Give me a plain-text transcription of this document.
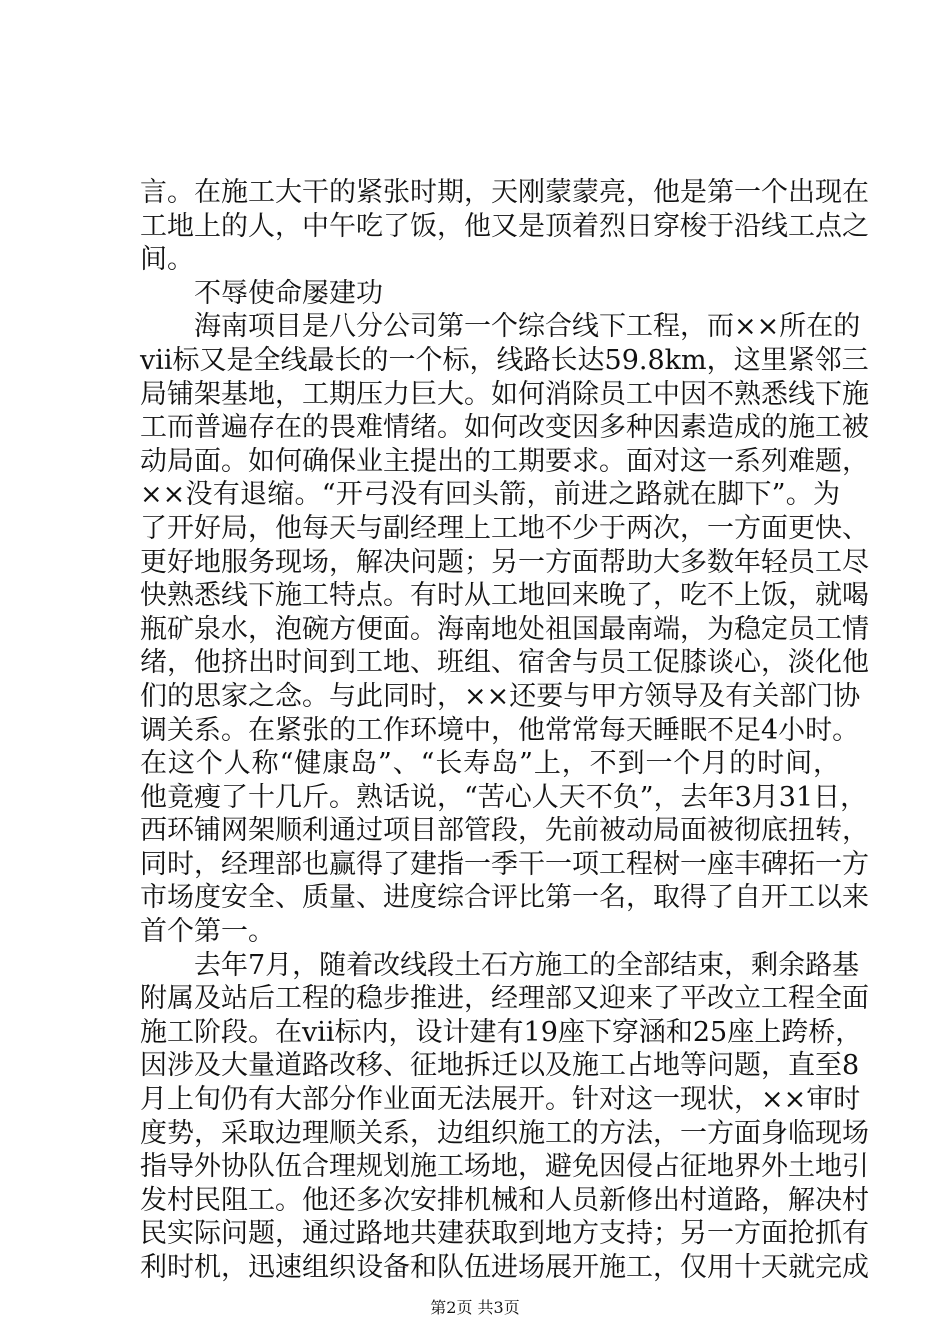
言。在施工大干的紧张时期，天刚蒙蒙亮，他是第一个出现在
工地上的人，中午吃了饭，他又是顶着烈日穿梭于沿线工点之
间。
不辱使命屡建功
海南项目是八分公司第一个综合线下工程，而××所在的
vii标又是全线最长的一个标，线路长达59.8km，这里紧邻三
局铺架基地，工期压力巨大。如何消除员工中因不熟悉线下施
工而普遍存在的畏难情绪。如何改变因多种因素造成的施工被
动局面。如何确保业主提出的工期要求。面对这一系列难题，
××没有退缩。“开弓没有回头箭，前进之路就在脚下”。为
了开好局，他每天与副经理上工地不少于两次，一方面更快、
更好地服务现场，解决问题；另一方面帮助大多数年轻员工尽
快熟悉线下施工特点。有时从工地回来晚了，吃不上饭，就喝
瓶矿泉水，泡碗方便面。海南地处祖国最南端，为稳定员工情
绪，他挤出时间到工地、班组、宿舍与员工促膝谈心，淡化他
们的思家之念。与此同时，××还要与甲方领导及有关部门协
调关系。在紧张的工作环境中，他常常每天睡眠不足4小时。
在这个人称“健康岛”、“长寿岛”上，不到一个月的时间，
他竟瘦了十几斤。熟话说，“苦心人天不负”，去年3月31日，
西环铺网架顺利通过项目部管段，先前被动局面被彻底扭转，
同时，经理部也赢得了建指一季干一项工程树一座丰碑拓一方
市场度安全、质量、进度综合评比第一名，取得了自开工以来
首个第一。
去年7月，随着改线段土石方施工的全部结束，剩余路基
附属及站后工程的稳步推进，经理部又迎来了平改立工程全面
施工阶段。在vii标内，设计建有19座下穿涵和25座上跨桥，
因涉及大量道路改移、征地拆迁以及施工占地等问题，直至8
月上旬仍有大部分作业面无法展开。针对这一现状，××审时
度势，采取边理顺关系，边组织施工的方法，一方面身临现场
指导外协队伍合理规划施工场地，避免因侵占征地界外土地引
发村民阻工。他还多次安排机械和人员新修出村道路，解决村
民实际问题，通过路地共建获取到地方支持；另一方面抢抓有
利时机，迅速组织设备和队伍进场展开施工，仅用十天就完成
第2页 共3页
